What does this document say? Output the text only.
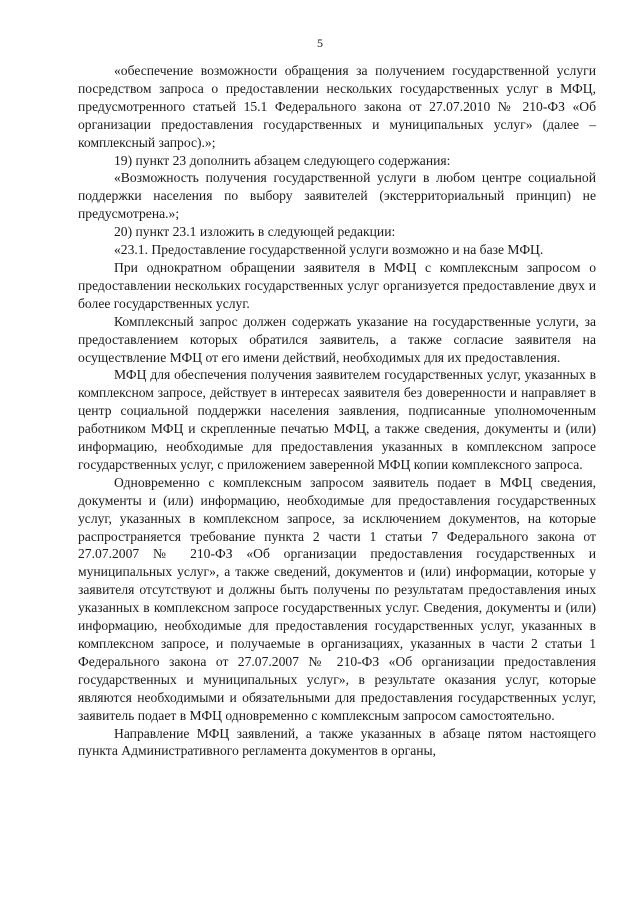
5

«обеспечение возможности обращения за получением государственной услуги посредством запроса о предоставлении нескольких государственных услуг в МФЦ, предусмотренного статьей 15.1 Федерального закона от 27.07.2010 № 210-ФЗ «Об организации предоставления государственных и муниципальных услуг» (далее – комплексный запрос).»;

19) пункт 23 дополнить абзацем следующего содержания:

«Возможность получения государственной услуги в любом центре социальной поддержки населения по выбору заявителей (экстерриториальный принцип) не предусмотрена.»;

20) пункт 23.1 изложить в следующей редакции:

«23.1. Предоставление государственной услуги возможно и на базе МФЦ.

При однократном обращении заявителя в МФЦ с комплексным запросом о предоставлении нескольких государственных услуг организуется предоставление двух и более государственных услуг.

Комплексный запрос должен содержать указание на государственные услуги, за предоставлением которых обратился заявитель, а также согласие заявителя на осуществление МФЦ от его имени действий, необходимых для их предоставления.

МФЦ для обеспечения получения заявителем государственных услуг, указанных в комплексном запросе, действует в интересах заявителя без доверенности и направляет в центр социальной поддержки населения заявления, подписанные уполномоченным работником МФЦ и скрепленные печатью МФЦ, а также сведения, документы и (или) информацию, необходимые для предоставления указанных в комплексном запросе государственных услуг, с приложением заверенной МФЦ копии комплексного запроса.

Одновременно с комплексным запросом заявитель подает в МФЦ сведения, документы и (или) информацию, необходимые для предоставления государственных услуг, указанных в комплексном запросе, за исключением документов, на которые распространяется требование пункта 2 части 1 статьи 7 Федерального закона от 27.07.2007 № 210-ФЗ «Об организации предоставления государственных и муниципальных услуг», а также сведений, документов и (или) информации, которые у заявителя отсутствуют и должны быть получены по результатам предоставления иных указанных в комплексном запросе государственных услуг. Сведения, документы и (или) информацию, необходимые для предоставления государственных услуг, указанных в комплексном запросе, и получаемые в организациях, указанных в части 2 статьи 1 Федерального закона от 27.07.2007 № 210-ФЗ «Об организации предоставления государственных и муниципальных услуг», в результате оказания услуг, которые являются необходимыми и обязательными для предоставления государственных услуг, заявитель подает в МФЦ одновременно с комплексным запросом самостоятельно.

Направление МФЦ заявлений, а также указанных в абзаце пятом настоящего пункта Административного регламента документов в органы,
